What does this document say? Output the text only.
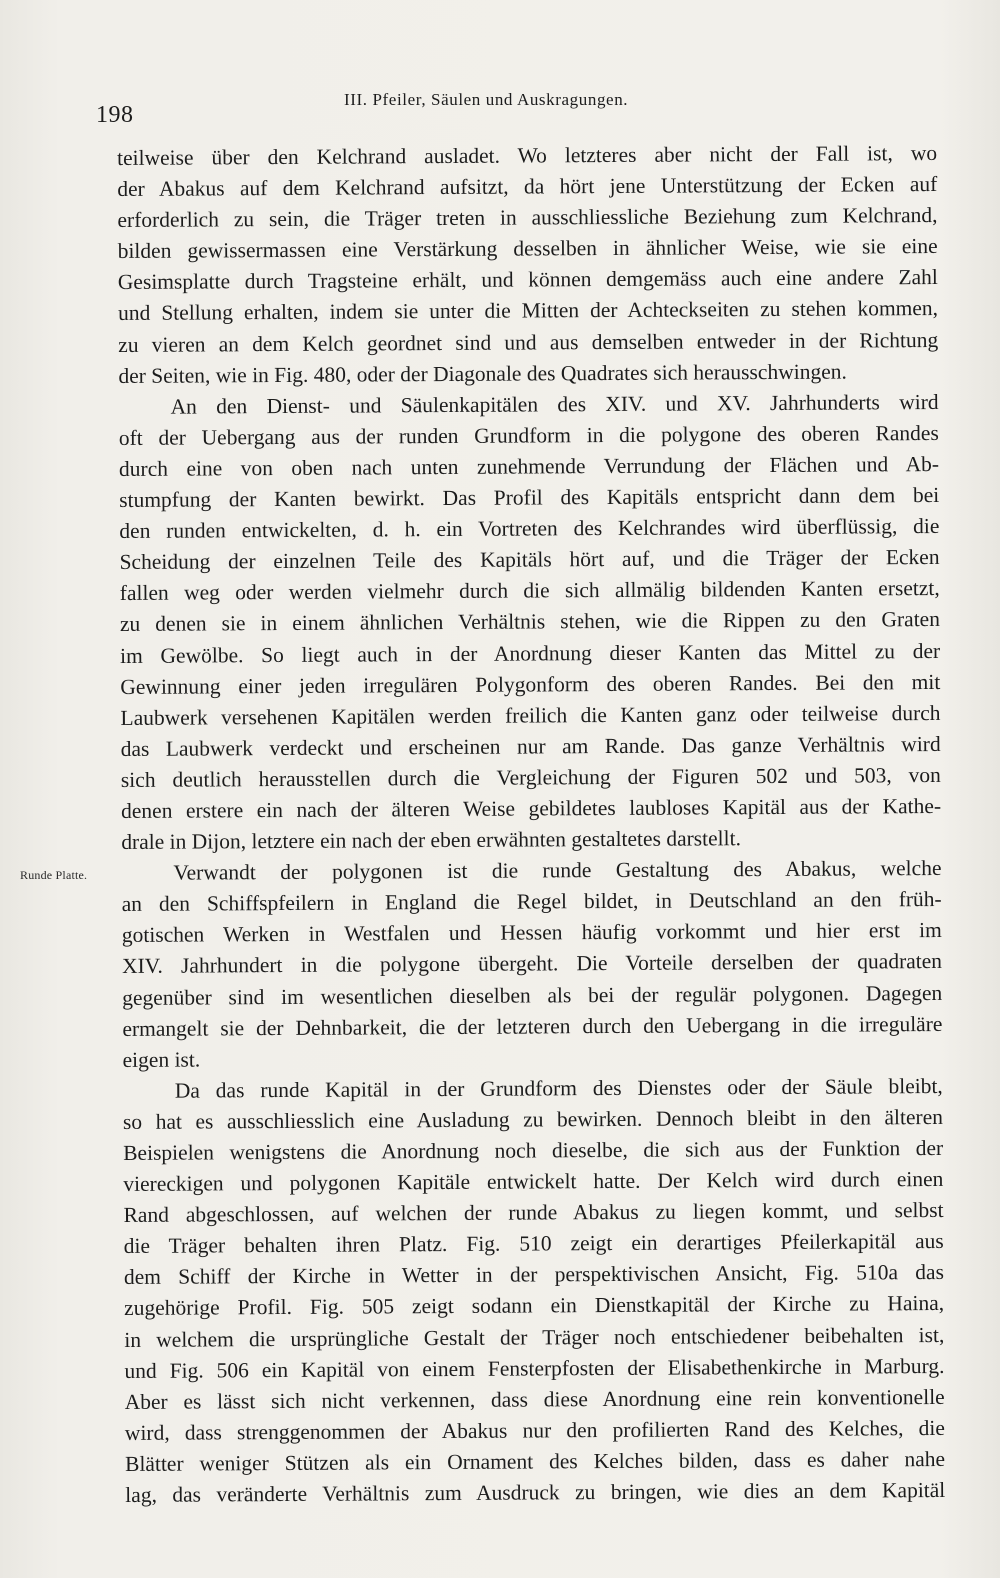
198
III. Pfeiler, Säulen und Auskragungen.
Runde Platte.
teilweise über den Kelchrand ausladet. Wo letzteres aber nicht der Fall ist, wo
der Abakus auf dem Kelchrand aufsitzt, da hört jene Unterstützung der Ecken auf
erforderlich zu sein, die Träger treten in ausschliessliche Beziehung zum Kelchrand,
bilden gewissermassen eine Verstärkung desselben in ähnlicher Weise, wie sie eine
Gesimsplatte durch Tragsteine erhält, und können demgemäss auch eine andere Zahl
und Stellung erhalten, indem sie unter die Mitten der Achteckseiten zu stehen kommen,
zu vieren an dem Kelch geordnet sind und aus demselben entweder in der Richtung
der Seiten, wie in Fig. 480, oder der Diagonale des Quadrates sich herausschwingen.
An den Dienst- und Säulenkapitälen des XIV. und XV. Jahrhunderts wird
oft der Uebergang aus der runden Grundform in die polygone des oberen Randes
durch eine von oben nach unten zunehmende Verrundung der Flächen und Ab-
stumpfung der Kanten bewirkt. Das Profil des Kapitäls entspricht dann dem bei
den runden entwickelten, d. h. ein Vortreten des Kelchrandes wird überflüssig, die
Scheidung der einzelnen Teile des Kapitäls hört auf, und die Träger der Ecken
fallen weg oder werden vielmehr durch die sich allmälig bildenden Kanten ersetzt,
zu denen sie in einem ähnlichen Verhältnis stehen, wie die Rippen zu den Graten
im Gewölbe. So liegt auch in der Anordnung dieser Kanten das Mittel zu der
Gewinnung einer jeden irregulären Polygonform des oberen Randes. Bei den mit
Laubwerk versehenen Kapitälen werden freilich die Kanten ganz oder teilweise durch
das Laubwerk verdeckt und erscheinen nur am Rande. Das ganze Verhältnis wird
sich deutlich herausstellen durch die Vergleichung der Figuren 502 und 503, von
denen erstere ein nach der älteren Weise gebildetes laubloses Kapitäl aus der Kathe-
drale in Dijon, letztere ein nach der eben erwähnten gestaltetes darstellt.
Verwandt der polygonen ist die runde Gestaltung des Abakus, welche
an den Schiffspfeilern in England die Regel bildet, in Deutschland an den früh-
gotischen Werken in Westfalen und Hessen häufig vorkommt und hier erst im
XIV. Jahrhundert in die polygone übergeht. Die Vorteile derselben der quadraten
gegenüber sind im wesentlichen dieselben als bei der regulär polygonen. Dagegen
ermangelt sie der Dehnbarkeit, die der letzteren durch den Uebergang in die irreguläre
eigen ist.
Da das runde Kapitäl in der Grundform des Dienstes oder der Säule bleibt,
so hat es ausschliesslich eine Ausladung zu bewirken. Dennoch bleibt in den älteren
Beispielen wenigstens die Anordnung noch dieselbe, die sich aus der Funktion der
viereckigen und polygonen Kapitäle entwickelt hatte. Der Kelch wird durch einen
Rand abgeschlossen, auf welchen der runde Abakus zu liegen kommt, und selbst
die Träger behalten ihren Platz. Fig. 510 zeigt ein derartiges Pfeilerkapitäl aus
dem Schiff der Kirche in Wetter in der perspektivischen Ansicht, Fig. 510a das
zugehörige Profil. Fig. 505 zeigt sodann ein Dienstkapitäl der Kirche zu Haina,
in welchem die ursprüngliche Gestalt der Träger noch entschiedener beibehalten ist,
und Fig. 506 ein Kapitäl von einem Fensterpfosten der Elisabethenkirche in Marburg.
Aber es lässt sich nicht verkennen, dass diese Anordnung eine rein konventionelle
wird, dass strenggenommen der Abakus nur den profilierten Rand des Kelches, die
Blätter weniger Stützen als ein Ornament des Kelches bilden, dass es daher nahe
lag, das veränderte Verhältnis zum Ausdruck zu bringen, wie dies an dem Kapitäl
